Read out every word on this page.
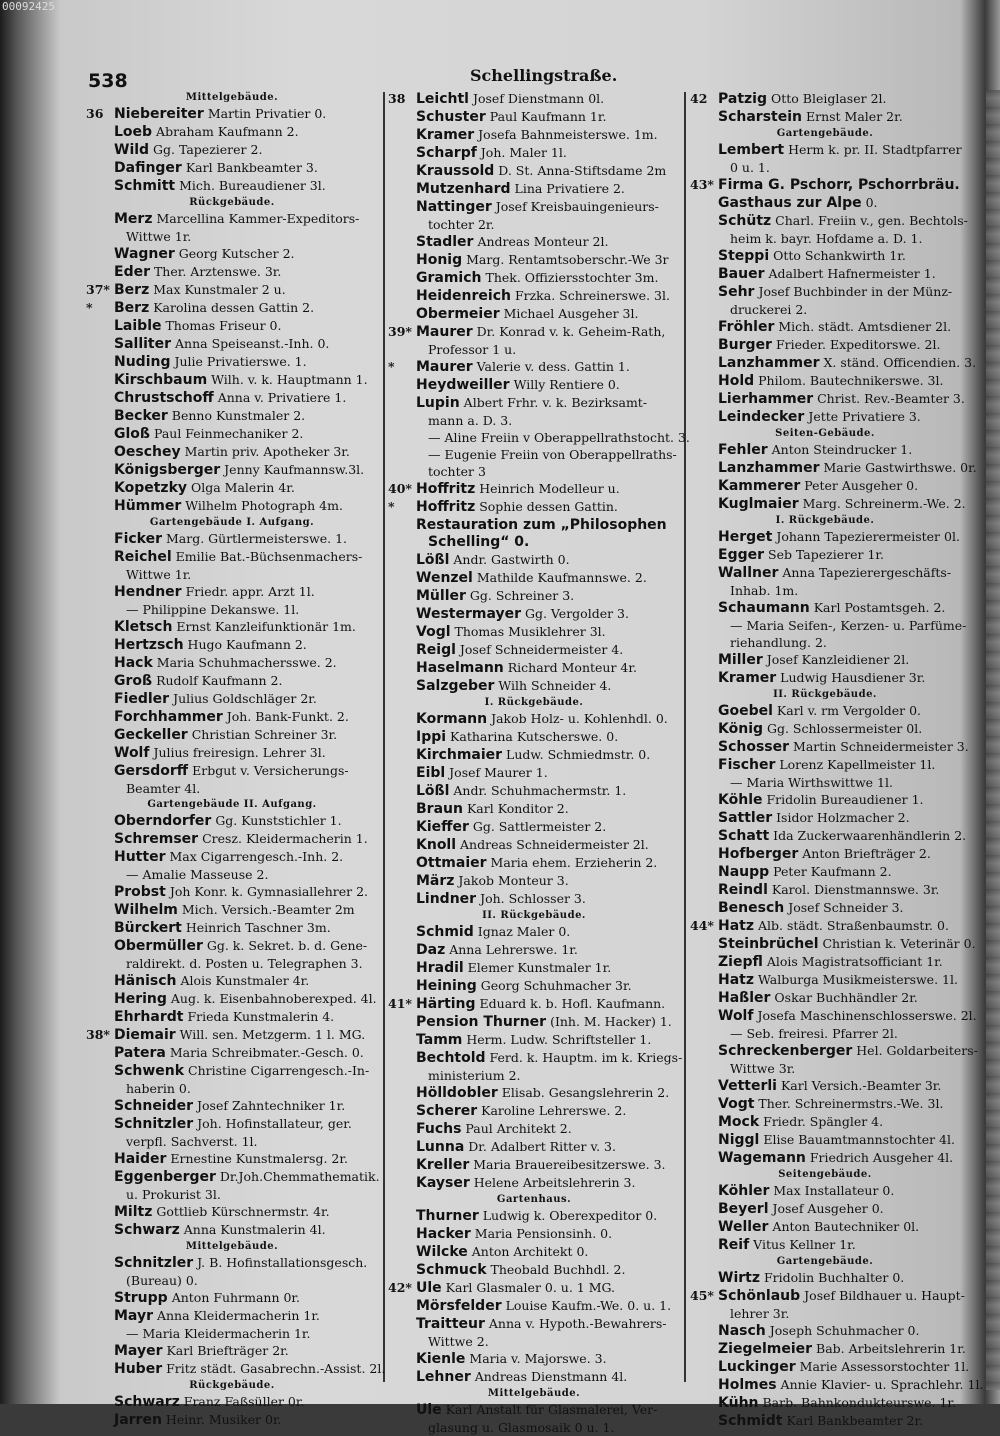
00092425
538	Schellingstraße.
Mittelgebäude.
36 Niebereiter Martin Privatier 0.
Loeb Abraham Kaufmann 2.
Wild Gg. Tapezierer 2.
Dafinger Karl Bankbeamter 3.
Schmitt Mich. Bureaudiener 3l.
Rückgebäude.
Merz Marcellina Kammer-Expeditors-
Wittwe 1r.
Wagner Georg Kutscher 2.
Eder Ther. Arztenswe. 3r.
37* Berz Max Kunstmaler 2 u.
* Berz Karolina dessen Gattin 2.
Laible Thomas Friseur 0.
Salliter Anna Speiseanst.-Inh. 0.
Nuding Julie Privatierswe. 1.
Kirschbaum Wilh. v. k. Hauptmann 1.
Chrustschoff Anna v. Privatiere 1.
Becker Benno Kunstmaler 2.
Gloß Paul Feinmechaniker 2.
Oeschey Martin priv. Apotheker 3r.
Königsberger Jenny Kaufmannsw.3l.
Kopetzky Olga Malerin 4r.
Hümmer Wilhelm Photograph 4m.
Gartengebäude I. Aufgang.
Ficker Marg. Gürtlermeisterswe. 1.
Reichel Emilie Bat.-Büchsenmachers-
Wittwe 1r.
Hendner Friedr. appr. Arzt 1l.
— Philippine Dekanswe. 1l.
Kletsch Ernst Kanzleifunktionär 1m.
Hertzsch Hugo Kaufmann 2.
Hack Maria Schuhmachersswe. 2.
Groß Rudolf Kaufmann 2.
Fiedler Julius Goldschläger 2r.
Forchhammer Joh. Bank-Funkt. 2.
Geckeller Christian Schreiner 3r.
Wolf Julius freiresign. Lehrer 3l.
Gersdorff Erbgut v. Versicherungs-
Beamter 4l.
Gartengebäude II. Aufgang.
Oberndorfer Gg. Kunststichler 1.
Schremser Cresz. Kleidermacherin 1.
Hutter Max Cigarrengesch.-Inh. 2.
— Amalie Masseuse 2.
Probst Joh Konr. k. Gymnasiallehrer 2.
Wilhelm Mich. Versich.-Beamter 2m
Bürckert Heinrich Taschner 3m.
Obermüller Gg. k. Sekret. b. d. Gene-
raldirekt. d. Posten u. Telegraphen 3.
Hänisch Alois Kunstmaler 4r.
Hering Aug. k. Eisenbahnoberexped. 4l.
Ehrhardt Frieda Kunstmalerin 4.
38* Diemair Will. sen. Metzgerm. 1 l. MG.
Patera Maria Schreibmater.-Gesch. 0.
Schwenk Christine Cigarrengesch.-In-
haberin 0.
Schneider Josef Zahntechniker 1r.
Schnitzler Joh. Hofinstallateur, ger.
verpfl. Sachverst. 1l.
Haider Ernestine Kunstmalersg. 2r.
Eggenberger Dr.Joh.Chemmathematik.
u. Prokurist 3l.
Miltz Gottlieb Kürschnermstr. 4r.
Schwarz Anna Kunstmalerin 4l.
Mittelgebäude.
Schnitzler J. B. Hofinstallationsgesch.
(Bureau) 0.
Strupp Anton Fuhrmann 0r.
Mayr Anna Kleidermacherin 1r.
— Maria Kleidermacherin 1r.
Mayer Karl Briefträger 2r.
Huber Fritz städt. Gasabrechn.-Assist. 2l.
Rückgebäude.
Schwarz Franz Faßsüller 0r.
Jarren Heinr. Musiker 0r.
38 Leichtl Josef Dienstmann 0l.
Schuster Paul Kaufmann 1r.
Kramer Josefa Bahnmeisterswe. 1m.
Scharpf Joh. Maler 1l.
Kraussold D. St. Anna-Stiftsdame 2m
Mutzenhard Lina Privatiere 2.
Nattinger Josef Kreisbauingenieurs-
tochter 2r.
Stadler Andreas Monteur 2l.
Honig Marg. Rentamtsoberschr.-We 3r
Gramich Thek. Offiziersstochter 3m.
Heidenreich Frzka. Schreinerswe. 3l.
Obermeier Michael Ausgeher 3l.
39* Maurer Dr. Konrad v. k. Geheim-Rath,
Professor 1 u.
* Maurer Valerie v. dess. Gattin 1.
Heydweiller Willy Rentiere 0.
Lupin Albert Frhr. v. k. Bezirksamt-
mann a. D. 3.
— Aline Freiin v Oberappellrathstocht. 3.
— Eugenie Freiin von Oberappellraths-
tochter 3
40* Hoffritz Heinrich Modelleur u.
* Hoffritz Sophie dessen Gattin.
Restauration zum „Philosophen
Schelling“ 0.
Lößl Andr. Gastwirth 0.
Wenzel Mathilde Kaufmannswe. 2.
Müller Gg. Schreiner 3.
Westermayer Gg. Vergolder 3.
Vogl Thomas Musiklehrer 3l.
Reigl Josef Schneidermeister 4.
Haselmann Richard Monteur 4r.
Salzgeber Wilh Schneider 4.
I. Rückgebäude.
Kormann Jakob Holz- u. Kohlenhdl. 0.
Ippi Katharina Kutscherswe. 0.
Kirchmaier Ludw. Schmiedmstr. 0.
Eibl Josef Maurer 1.
Lößl Andr. Schuhmachermstr. 1.
Braun Karl Konditor 2.
Kieffer Gg. Sattlermeister 2.
Knoll Andreas Schneidermeister 2l.
Ottmaier Maria ehem. Erzieherin 2.
März Jakob Monteur 3.
Lindner Joh. Schlosser 3.
II. Rückgebäude.
Schmid Ignaz Maler 0.
Daz Anna Lehrerswe. 1r.
Hradil Elemer Kunstmaler 1r.
Heining Georg Schuhmacher 3r.
41* Härting Eduard k. b. Hofl. Kaufmann.
Pension Thurner (Inh. M. Hacker) 1.
Tamm Herm. Ludw. Schriftsteller 1.
Bechtold Ferd. k. Hauptm. im k. Kriegs-
ministerium 2.
Hölldobler Elisab. Gesangslehrerin 2.
Scherer Karoline Lehrerswe. 2.
Fuchs Paul Architekt 2.
Lunna Dr. Adalbert Ritter v. 3.
Kreller Maria Brauereibesitzerswe. 3.
Kayser Helene Arbeitslehrerin 3.
Gartenhaus.
Thurner Ludwig k. Oberexpeditor 0.
Hacker Maria Pensionsinh. 0.
Wilcke Anton Architekt 0.
Schmuck Theobald Buchhdl. 2.
42* Ule Karl Glasmaler 0. u. 1 MG.
Mörsfelder Louise Kaufm.-We. 0. u. 1.
Traitteur Anna v. Hypoth.-Bewahrers-
Wittwe 2.
Kienle Maria v. Majorswe. 3.
Lehner Andreas Dienstmann 4l.
Mittelgebäude.
Ule Karl Anstalt für Glasmalerei, Ver-
glasung u. Glasmosaik 0 u. 1.
42 Patzig Otto Bleiglaser 2l.
Scharstein Ernst Maler 2r.
Gartengebäude.
Lembert Herm k. pr. II. Stadtpfarrer
0 u. 1.
43* Firma G. Pschorr, Pschorrbräu.
Gasthaus zur Alpe 0.
Schütz Charl. Freiin v., gen. Bechtols-
heim k. bayr. Hofdame a. D. 1.
Steppi Otto Schankwirth 1r.
Bauer Adalbert Hafnermeister 1.
Sehr Josef Buchbinder in der Münz-
druckerei 2.
Fröhler Mich. städt. Amtsdiener 2l.
Burger Frieder. Expeditorswe. 2l.
Lanzhammer X. ständ. Officendien. 3.
Hold Philom. Bautechnikerswe. 3l.
Lierhammer Christ. Rev.-Beamter 3.
Leindecker Jette Privatiere 3.
Seiten-Gebäude.
Fehler Anton Steindrucker 1.
Lanzhammer Marie Gastwirthswe. 0r.
Kammerer Peter Ausgeher 0.
Kuglmaier Marg. Schreinerm.-We. 2.
I. Rückgebäude.
Herget Johann Tapezierermeister 0l.
Egger Seb Tapezierer 1r.
Wallner Anna Tapezierergeschäfts-
Inhab. 1m.
Schaumann Karl Postamtsgeh. 2.
— Maria Seifen-, Kerzen- u. Parfüme-
riehandlung. 2.
Miller Josef Kanzleidiener 2l.
Kramer Ludwig Hausdiener 3r.
II. Rückgebäude.
Goebel Karl v. rm Vergolder 0.
König Gg. Schlossermeister 0l.
Schosser Martin Schneidermeister 3.
Fischer Lorenz Kapellmeister 1l.
— Maria Wirthswittwe 1l.
Köhle Fridolin Bureaudiener 1.
Sattler Isidor Holzmacher 2.
Schatt Ida Zuckerwaarenhändlerin 2.
Hofberger Anton Briefträger 2.
Naupp Peter Kaufmann 2.
Reindl Karol. Dienstmannswe. 3r.
Benesch Josef Schneider 3.
44* Hatz Alb. städt. Straßenbaumstr. 0.
Steinbrüchel Christian k. Veterinär 0.
Ziepfl Alois Magistratsofficiant 1r.
Hatz Walburga Musikmeisterswe. 1l.
Haßler Oskar Buchhändler 2r.
Wolf Josefa Maschinenschlosserswe. 2l.
— Seb. freiresi. Pfarrer 2l.
Schreckenberger Hel. Goldarbeiters-
Wittwe 3r.
Vetterli Karl Versich.-Beamter 3r.
Vogt Ther. Schreinermstrs.-We. 3l.
Mock Friedr. Spängler 4.
Niggl Elise Bauamtmannstochter 4l.
Wagemann Friedrich Ausgeher 4l.
Seitengebäude.
Köhler Max Installateur 0.
Beyerl Josef Ausgeher 0.
Weller Anton Bautechniker 0l.
Reif Vitus Kellner 1r.
Gartengebäude.
Wirtz Fridolin Buchhalter 0.
45* Schönlaub Josef Bildhauer u. Haupt-
lehrer 3r.
Nasch Joseph Schuhmacher 0.
Ziegelmeier Bab. Arbeitslehrerin 1r.
Luckinger Marie Assessorstochter 1l.
Holmes Annie Klavier- u. Sprachlehr. 1l.
Kühn Barb. Bahnkondukteurswe. 1r.
Schmidt Karl Bankbeamter 2r.
